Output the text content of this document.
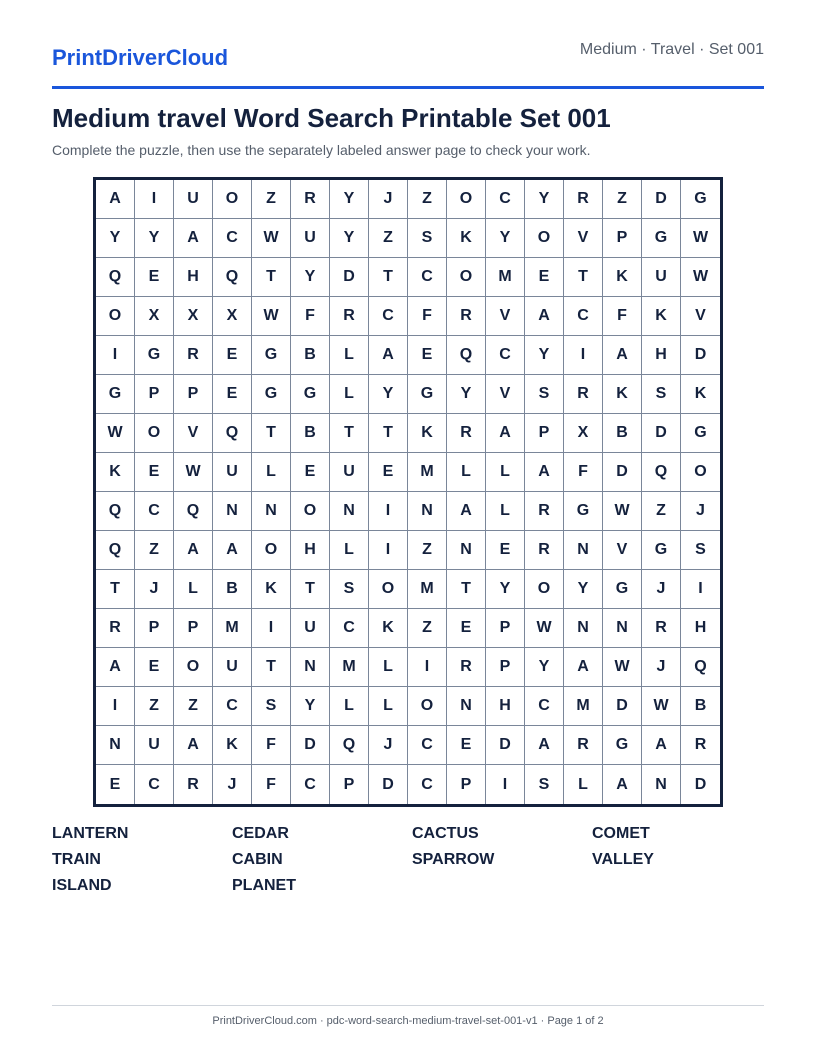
PrintDriverCloud	Medium · Travel · Set 001
Medium travel Word Search Printable Set 001
Complete the puzzle, then use the separately labeled answer page to check your work.
A	I	U	O	Z	R	Y	J	Z	O	C	Y	R	Z	D	G
Y	Y	A	C	W	U	Y	Z	S	K	Y	O	V	P	G	W
Q	E	H	Q	T	Y	D	T	C	O	M	E	T	K	U	W
O	X	X	X	W	F	R	C	F	R	V	A	C	F	K	V
I	G	R	E	G	B	L	A	E	Q	C	Y	I	A	H	D
G	P	P	E	G	G	L	Y	G	Y	V	S	R	K	S	K
W	O	V	Q	T	B	T	T	K	R	A	P	X	B	D	G
K	E	W	U	L	E	U	E	M	L	L	A	F	D	Q	O
Q	C	Q	N	N	O	N	I	N	A	L	R	G	W	Z	J
Q	Z	A	A	O	H	L	I	Z	N	E	R	N	V	G	S
T	J	L	B	K	T	S	O	M	T	Y	O	Y	G	J	I
R	P	P	M	I	U	C	K	Z	E	P	W	N	N	R	H
A	E	O	U	T	N	M	L	I	R	P	Y	A	W	J	Q
I	Z	Z	C	S	Y	L	L	O	N	H	C	M	D	W	B
N	U	A	K	F	D	Q	J	C	E	D	A	R	G	A	R
E	C	R	J	F	C	P	D	C	P	I	S	L	A	N	D
LANTERN	CEDAR	CACTUS	COMET
TRAIN	CABIN	SPARROW	VALLEY
ISLAND	PLANET
PrintDriverCloud.com · pdc-word-search-medium-travel-set-001-v1 · Page 1 of 2
